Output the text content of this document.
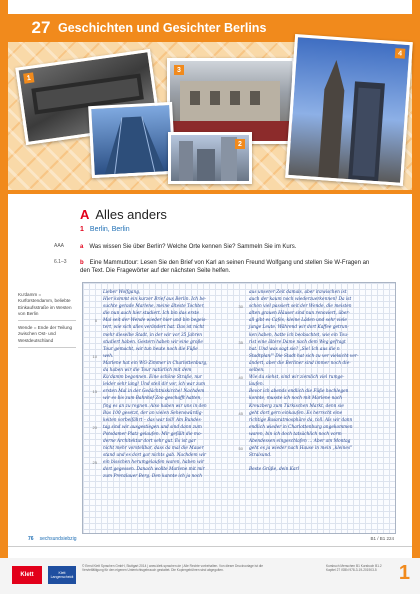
27 Geschichten und Gesichter Berlins
1
3
4
2
A Alles anders
1 Berlin, Berlin
AAA	a Was wissen Sie über Berlin? Welche Orte kennen Sie? Sammeln Sie im Kurs.
6.1–3 b Eine Mammuttour: Lesen Sie den Brief von Karl an seinen Freund Wolfgang und stellen Sie W-Fragen an den Text. Die Fragewörter auf der nächsten Seite helfen.
Ku'damm = Kurfürstendamm, beliebte Einkaufsstraße im Westen von Berlin
Wende = Ende der Teilung zwischen Ost- und Westdeutschland

5

10

15

20

25

Lieber Wolfgang,
Hier kommt ein kurzer Brief aus Berlin. Ich be-
suchte gerade Marlene, meine älteste Tochter,
die nun auch hier studiert. Ich bin das erste
Mal seit der Wende wieder hier und bin begeis-
tert, wie sich alles verändert hat. Das ist nicht
mehr dieselbe Stadt, in der wir vor 35 Jahren
studiert haben. Gestern haben wir eine große
Tour gemacht, wir tun heute noch die Füße
weh.
Marlene hat ein WG-Zimmer in Charlottenburg,
da haben wir die Tour natürlich mit dem
Ku'damm begonnen. Eine schöne Straße, nur
leider sehr lang! Und steil dir vor, ich war zum
ersten Mal in der Gedächtniskirche! Nachdem
wir es bis zum Bahnhof Zoo geschafft hatten,
fing es an zu regnen. Also haben wir uns in den
Bus 100 gesetzt, der an vielen Sehenswürdig-
keiten vorbeifährt – das war toll! Am Bundes-
tag sind wir ausgestiegen und sind dann zum
Potsdamer Platz gelaufen. Mir gefällt die mo-
derne Architektur dort sehr gut. Es ist gar
nicht mehr vorstellbar, dass da mal die Mauer
stand und es dort gar nichts gab. Nachdem wir
ein bisschen herumgelaufen waren, haben wir
dort gegessen. Danach wollte Marlene mit mir
zum Prenzlauer Berg. Den kannte ich ja noch

30

35

40

45

50

aus unserer Zeit damals, aber inzwischen ist
auch der kaum noch wiederzuerkennen! Da ist
schon viel passiert seit der Wende, die meisten
alten grauen Häuser sind nun renoviert, über-
all gibt es Cafés, kleine Läden und sehr viele
junge Leute. Während wir dort Kaffee getrun-
ken haben, hatte ich beobachtet, wie ein Tou-
rist eine ältere Dame nach dem Weg gefragt
hat. Und was sagt sie? „Sie! Ich aus die n
Stadtplan!" Die Stadt hat sich zu ver vielsicht ver-
ändert, aber die Berliner sind immer noch die-
selben.
Wie du siehst, sind wir ziemlich viel rumge-
laufen.
Bevor ich abends endlich die Füße hochlegen
konnte, musste ich noch mit Marlene nach
Kreuzberg zum Türkischen Markt, denn sie
geht dort gern einkaufen. Es herrscht eine
richtige Basaratmosphäre da, toll. Als wir dann
endlich wieder in Charlottenburg angekommen
waren, bin ich doch tatsächlich noch vorm
Abendessen eingeschlafen … Aber am Montag
geht es ja wieder nach Hause in mein „kleines"
Stralsund.

Beste Grüße, dein Karl
76 sechsundsiebzig	B1 / B1 224
Klett	Klett Langenscheidt
© Ernst Klett Sprachen GmbH, Stuttgart 2014 | www.klett-sprachen.de | Alle Rechte vorbehalten. Von dieser Druckvorlage ist die Vervielfältigung für den eigenen Unterrichtsgebrauch gestattet. Die Kopiergebühren sind abgegolten.
Kursbuch Menschen B1 Kursbuch B1.2 Kapitel 27 ISBN 978-3-19-201903-5	1
